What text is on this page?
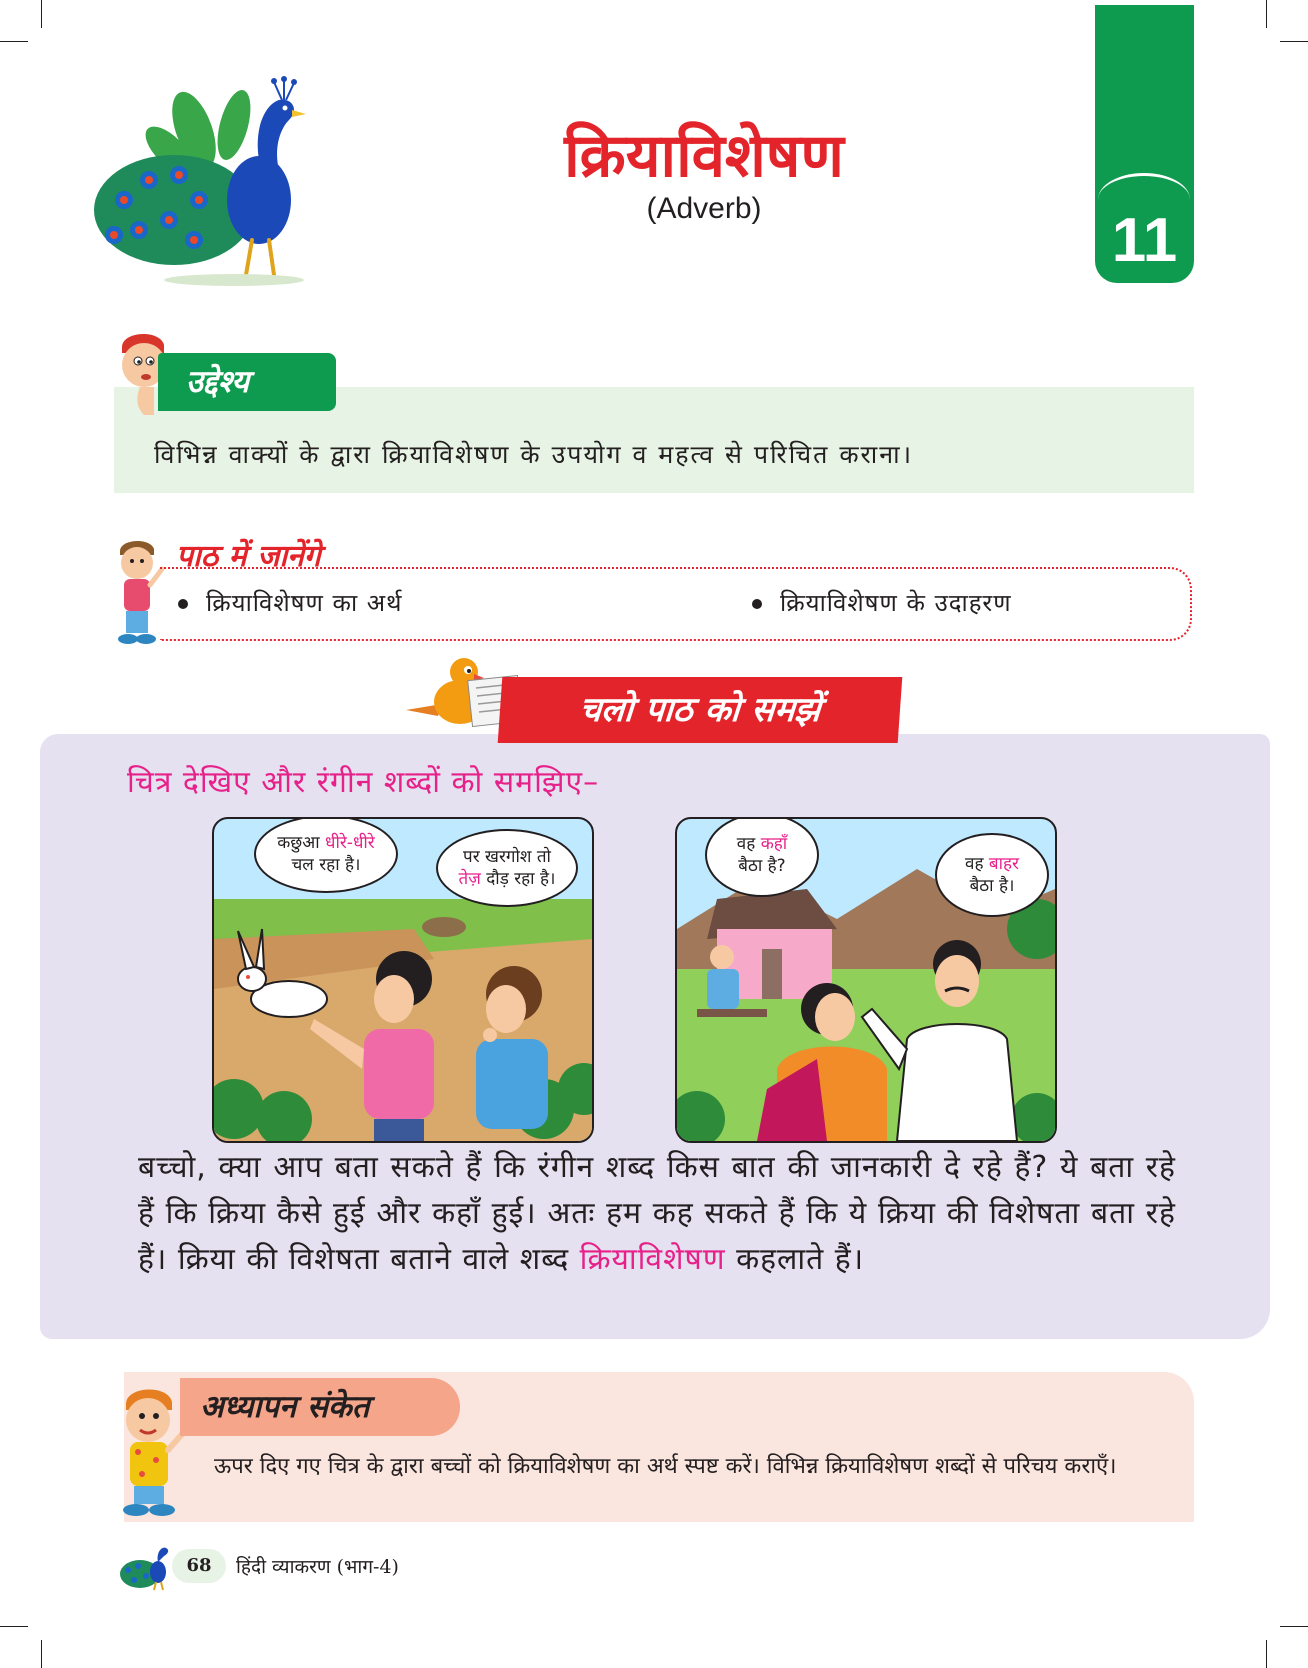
11
क्रियाविशेषण
(Adverb)
उद्देश्य
विभिन्न वाक्यों के द्वारा क्रियाविशेषण के उपयोग व महत्व से परिचित कराना।
पाठ में जानेंगे
क्रियाविशेषण का अर्थ	क्रियाविशेषण के उदाहरण
चलो पाठ को समझें
चित्र देखिए और रंगीन शब्दों को समझिए–
कछुआ धीरे-धीरे
चल रहा है।	पर खरगोश तो
तेज़ दौड़ रहा है।
वह कहाँ
बैठा है?	वह बाहर
बैठा है।
बच्चो, क्या आप बता सकते हैं कि रंगीन शब्द किस बात की जानकारी दे रहे हैं? ये बता रहे हैं कि क्रिया कैसे हुई और कहाँ हुई। अतः हम कह सकते हैं कि ये क्रिया की विशेषता बता रहे हैं। क्रिया की विशेषता बताने वाले शब्द क्रियाविशेषण कहलाते हैं।
अध्यापन संकेत
ऊपर दिए गए चित्र के द्वारा बच्चों को क्रियाविशेषण का अर्थ स्पष्ट करें। विभिन्न क्रियाविशेषण शब्दों से परिचय कराएँ।
68	हिंदी व्याकरण (भाग-4)
